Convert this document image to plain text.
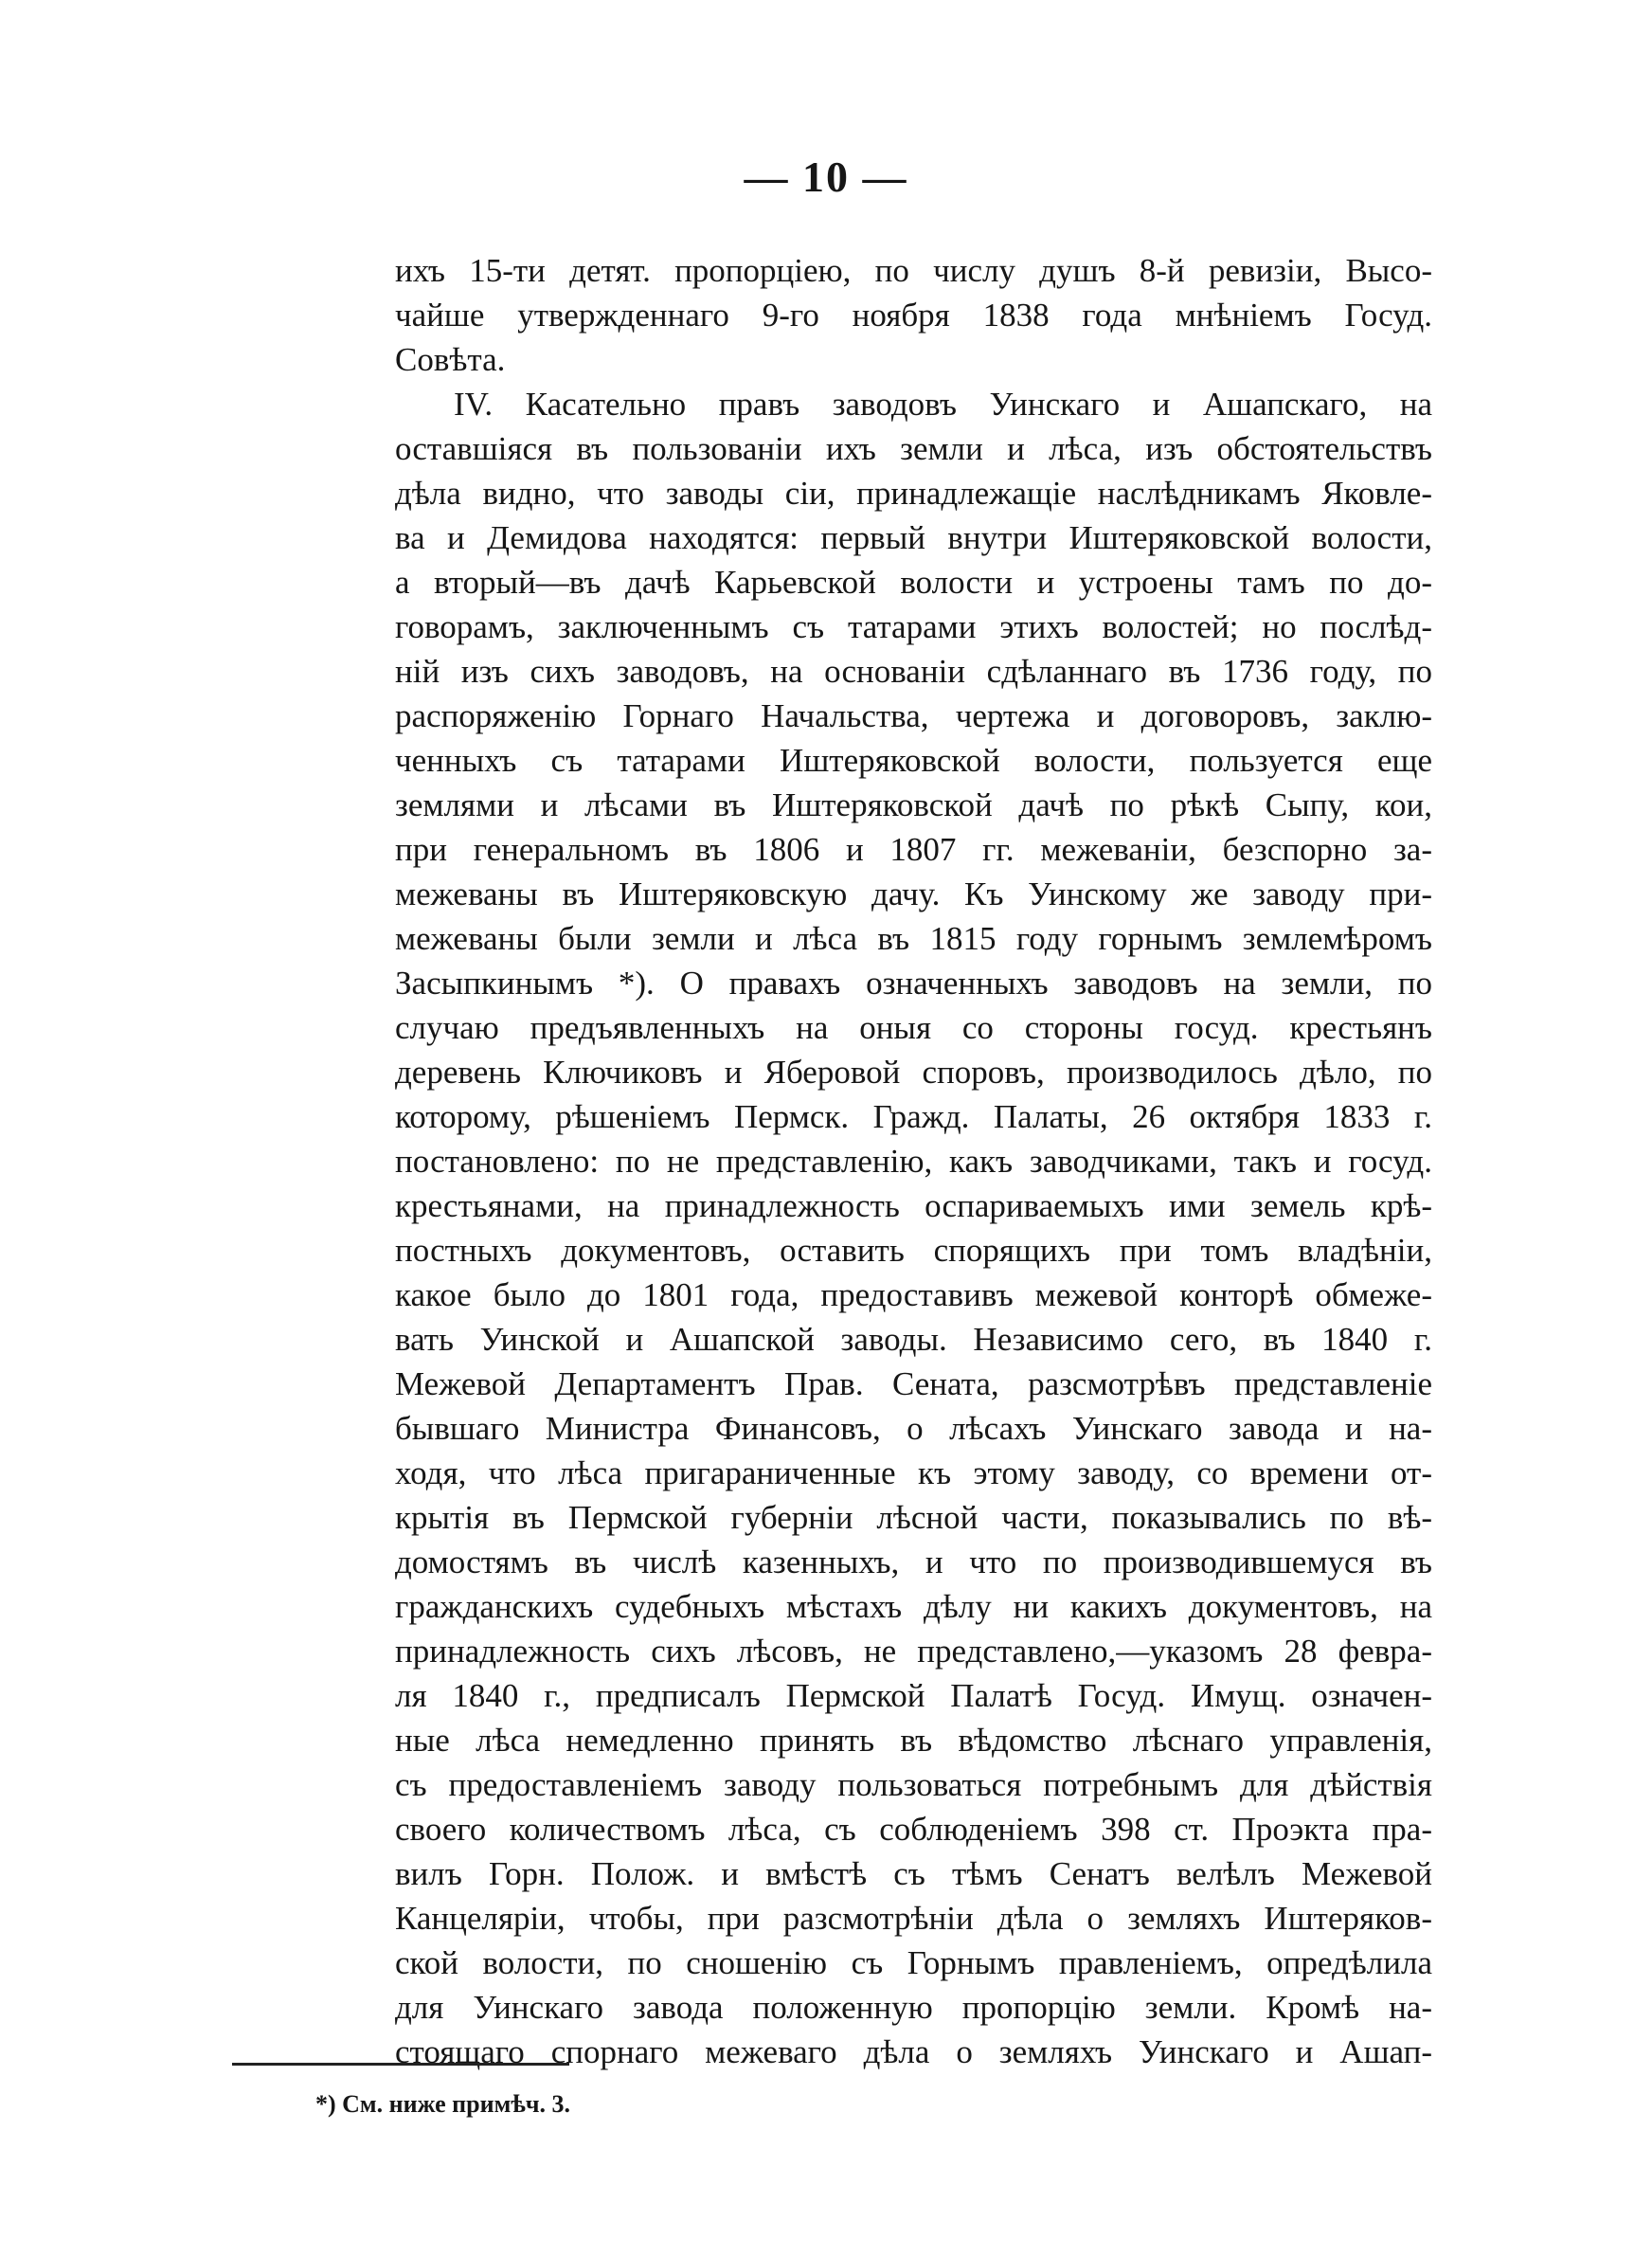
— 10 —
ихъ 15-ти детят. пропорціею, по числу душъ 8-й ревизіи, Высо-
чайше утвержденнаго 9-го ноября 1838 года мнѣніемъ Госуд.
Совѣта.
IV. Касательно правъ заводовъ Уинскаго и Ашапскаго, на
оставшіяся въ пользованіи ихъ земли и лѣса, изъ обстоятельствъ
дѣла видно, что заводы сіи, принадлежащіе наслѣдникамъ Яковле-
ва и Демидова находятся: первый внутри Иштеряковской волости,
а вторый—въ дачѣ Карьевской волости и устроены тамъ по до-
говорамъ, заключеннымъ съ татарами этихъ волостей; но послѣд-
ній изъ сихъ заводовъ, на основаніи сдѣланнаго въ 1736 году, по
распоряженію Горнаго Начальства, чертежа и договоровъ, заклю-
ченныхъ съ татарами Иштеряковской волости, пользуется еще
землями и лѣсами въ Иштеряковской дачѣ по рѣкѣ Сыпу, кои,
при генеральномъ въ 1806 и 1807 гг. межеваніи, безспорно за-
межеваны въ Иштеряковскую дачу. Къ Уинскому же заводу при-
межеваны были земли и лѣса въ 1815 году горнымъ землемѣромъ
Засыпкинымъ *). О правахъ означенныхъ заводовъ на земли, по
случаю предъявленныхъ на оныя со стороны госуд. крестьянъ
деревень Ключиковъ и Яберовой споровъ, производилось дѣло, по
которому, рѣшеніемъ Пермск. Гражд. Палаты, 26 октября 1833 г.
постановлено: по не представленію, какъ заводчиками, такъ и госуд.
крестьянами, на принадлежность оспариваемыхъ ими земель крѣ-
постныхъ документовъ, оставить спорящихъ при томъ владѣніи,
какое было до 1801 года, предоставивъ межевой конторѣ обмеже-
вать Уинской и Ашапской заводы. Независимо сего, въ 1840 г.
Межевой Департаментъ Прав. Сената, разсмотрѣвъ представленіе
бывшаго Министра Финансовъ, о лѣсахъ Уинскаго завода и на-
ходя, что лѣса пригараниченные къ этому заводу, со времени от-
крытія въ Пермской губерніи лѣсной части, показывались по вѣ-
домостямъ въ числѣ казенныхъ, и что по производившемуся въ
гражданскихъ судебныхъ мѣстахъ дѣлу ни какихъ документовъ, на
принадлежность сихъ лѣсовъ, не представлено,—указомъ 28 февра-
ля 1840 г., предписалъ Пермской Палатѣ Госуд. Имущ. означен-
ные лѣса немедленно принять въ вѣдомство лѣснаго управленія,
съ предоставленіемъ заводу пользоваться потребнымъ для дѣйствія
своего количествомъ лѣса, съ соблюденіемъ 398 ст. Проэкта пра-
вилъ Горн. Полож. и вмѣстѣ съ тѣмъ Сенатъ велѣлъ Межевой
Канцеляріи, чтобы, при разсмотрѣніи дѣла о земляхъ Иштеряков-
ской волости, по сношенію съ Горнымъ правленіемъ, опредѣлила
для Уинскаго завода положенную пропорцію земли. Кромѣ на-
стоящаго спорнаго межеваго дѣла о земляхъ Уинскаго и Ашап-
*) См. ниже примѣч. 3.
